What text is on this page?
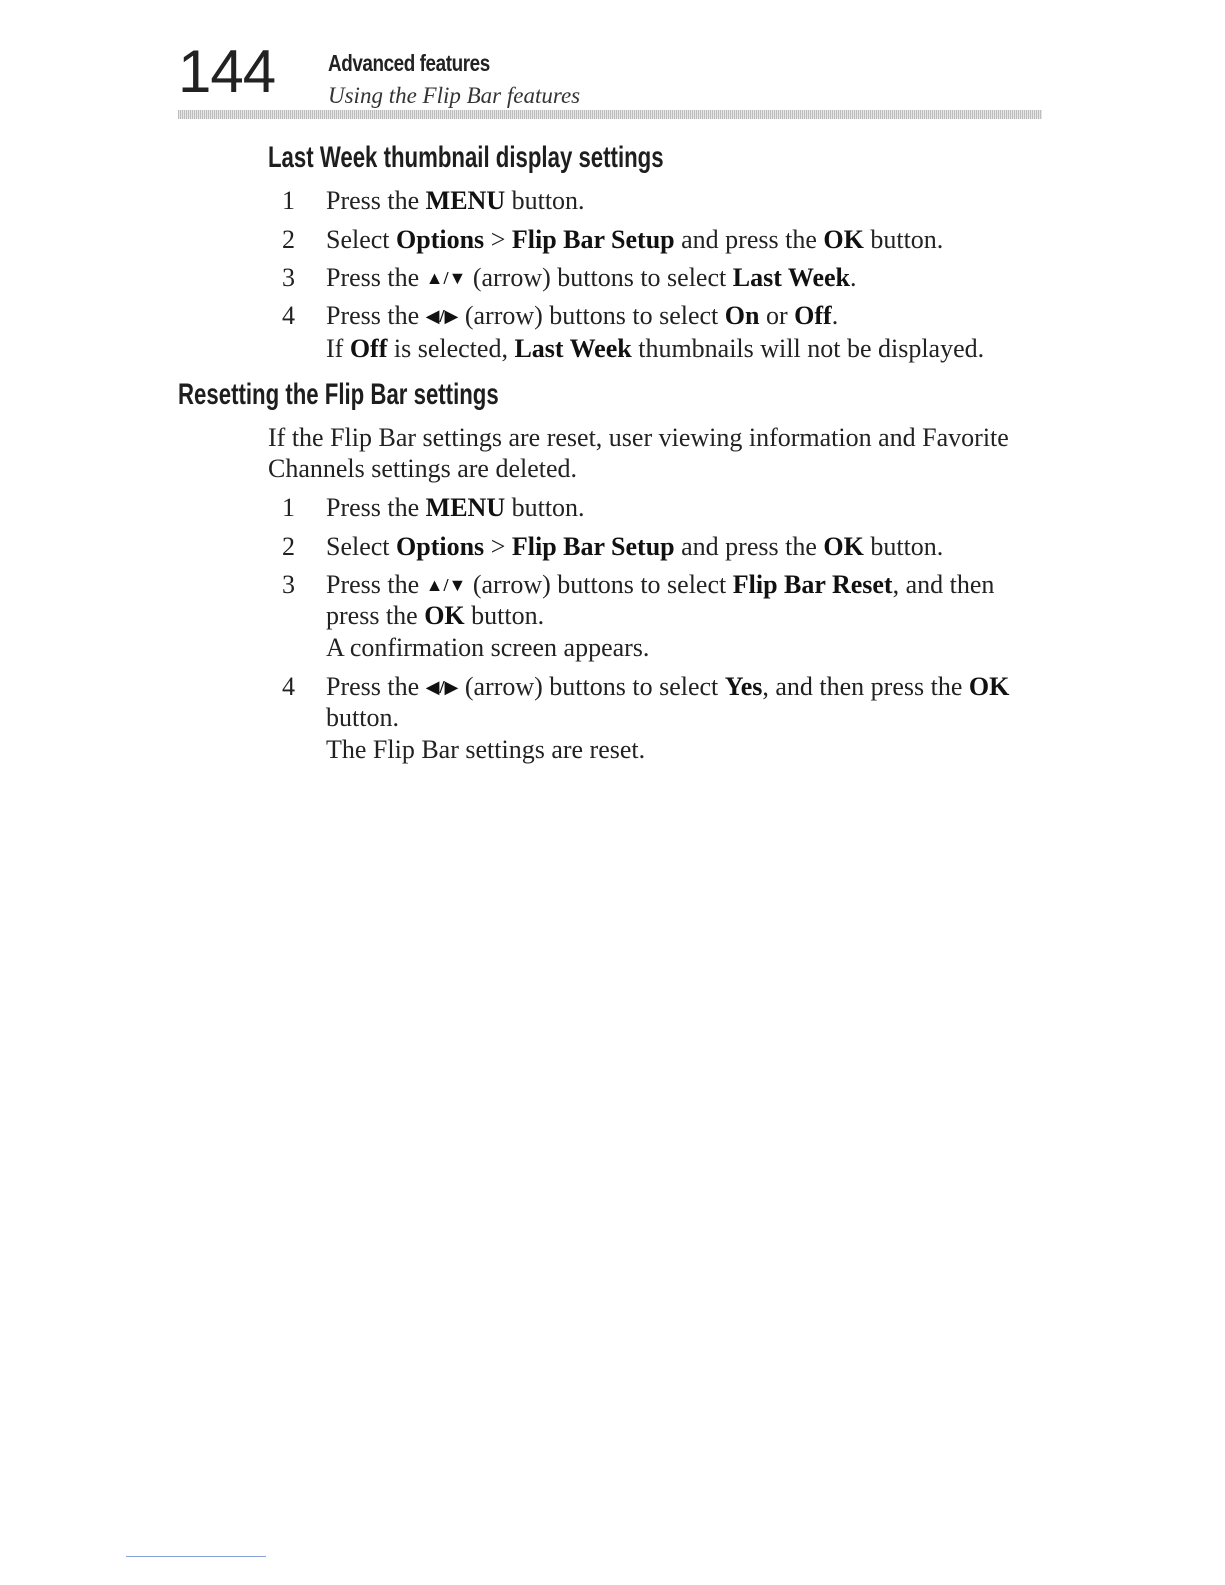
144 Advanced features
Using the Flip Bar features
Last Week thumbnail display settings
1 Press the MENU button.
2 Select Options > Flip Bar Setup and press the OK button.
3 Press the ▲/▼ (arrow) buttons to select Last Week.
4 Press the ◀/▶ (arrow) buttons to select On or Off.
If Off is selected, Last Week thumbnails will not be displayed.
Resetting the Flip Bar settings
If the Flip Bar settings are reset, user viewing information and Favorite
Channels settings are deleted.
1 Press the MENU button.
2 Select Options > Flip Bar Setup and press the OK button.
3 Press the ▲/▼ (arrow) buttons to select Flip Bar Reset, and then
press the OK button.
A confirmation screen appears.
4 Press the ◀/▶ (arrow) buttons to select Yes, and then press the OK
button.
The Flip Bar settings are reset.
